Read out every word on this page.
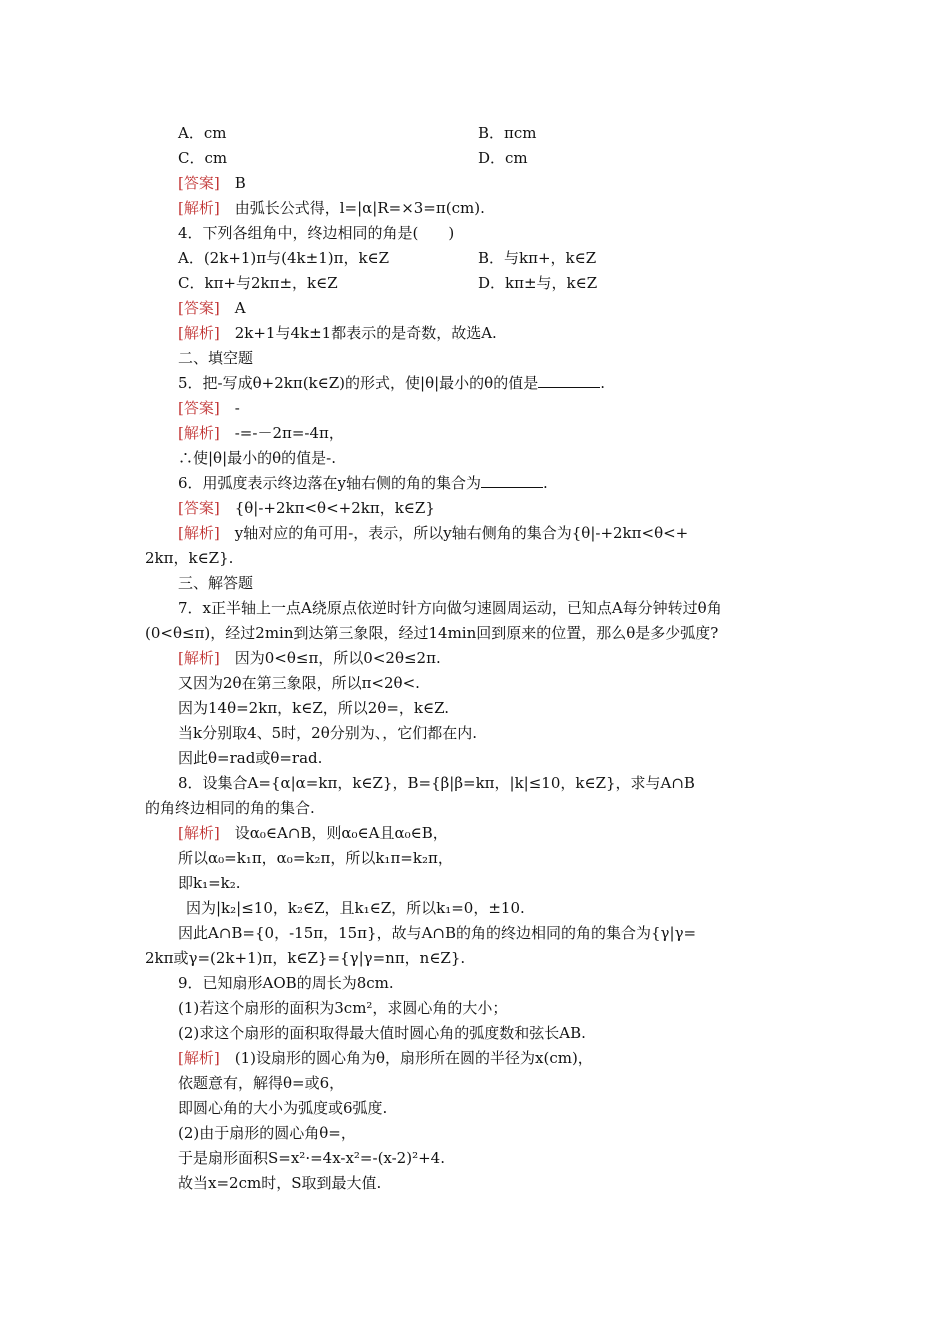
A．cm	B．πcm
C．cm	D．cm
[答案]　 B
[解析]　 由弧长公式得，l=|α|R=×3=π(cm).
4．下列各组角中，终边相同的角是(　　)
A．(2k+1)π与(4k±1)π，k∈Z	B．与kπ+，k∈Z
C．kπ+与2kπ±，k∈Z	D．kπ±与，k∈Z
[答案]　 A
[解析]　 2k+1与4k±1都表示的是奇数，故选A.
二、填空题
5．把-写成θ+2kπ(k∈Z)的形式，使|θ|最小的θ的值是	.
[答案]　 -
[解析]　 -=-－2π=-4π，
∴使|θ|最小的θ的值是-.
6．用弧度表示终边落在y轴右侧的角的集合为	.
[答案]　 {θ|-+2kπ<θ<+2kπ，k∈Z}
[解析]　 y轴对应的角可用-，表示，所以y轴右侧角的集合为{θ|-+2kπ<θ<+
2kπ，k∈Z}.
三、解答题
7．x正半轴上一点A绕原点依逆时针方向做匀速圆周运动，已知点A每分钟转过θ角
(0<θ≤π)，经过2min到达第三象限，经过14min回到原来的位置，那么θ是多少弧度?
[解析]　 因为0<θ≤π，所以0<2θ≤2π.
又因为2θ在第三象限，所以π<2θ<.
因为14θ=2kπ，k∈Z，所以2θ=，k∈Z.
当k分别取4、5时，2θ分别为、，它们都在内.
因此θ=rad或θ=rad.
8．设集合A={α|α=kπ，k∈Z}，B={β|β=kπ，|k|≤10，k∈Z}，求与A∩B
的角终边相同的角的集合.
[解析]　 设α₀∈A∩B，则α₀∈A且α₀∈B，
所以α₀=k₁π，α₀=k₂π，所以k₁π=k₂π，
即k₁=k₂.
因为|k₂|≤10，k₂∈Z，且k₁∈Z，所以k₁=0，±10.
因此A∩B={0，-15π，15π}，故与A∩B的角的终边相同的角的集合为{γ|γ=
2kπ或γ=(2k+1)π，k∈Z}={γ|γ=nπ，n∈Z}.
9．已知扇形AOB的周长为8cm.
(1)若这个扇形的面积为3cm²，求圆心角的大小；
(2)求这个扇形的面积取得最大值时圆心角的弧度数和弦长AB.
[解析]　 (1)设扇形的圆心角为θ，扇形所在圆的半径为x(cm)，
依题意有，解得θ=或6，
即圆心角的大小为弧度或6弧度.
(2)由于扇形的圆心角θ=，
于是扇形面积S=x²·=4x-x²=-(x-2)²+4.
故当x=2cm时，S取到最大值.
